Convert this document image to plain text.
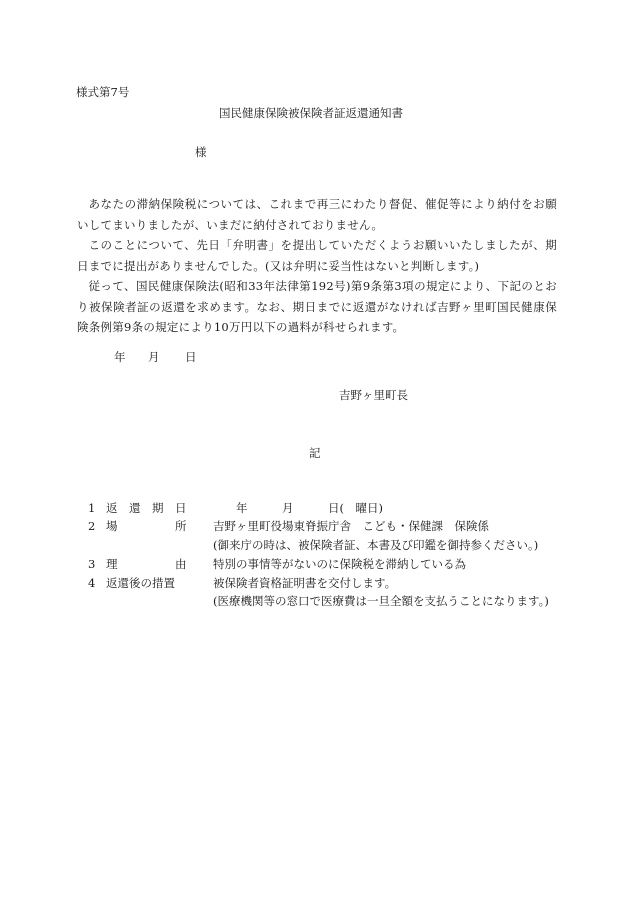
様式第7号
国民健康保険被保険者証返還通知書
様

あなたの滞納保険税については、これまで再三にわたり督促、催促等により納付をお願いしてまいりましたが、いまだに納付されておりません。

このことについて、先日「弁明書」を提出していただくようお願いいたしましたが、期日までに提出がありませんでした。(又は弁明に妥当性はないと判断します。)

従って、国民健康保険法(昭和33年法律第192号)第9条第3項の規定により、下記のとおり被保険者証の返還を求めます。なお、期日までに返還がなければ吉野ヶ里町国民健康保険条例第9条の規定により10万円以下の過料が科せられます。

年 月 日
吉野ヶ里町長
記
1 返　還　期　日	年　　　月　　　日(　曜日)
2 場　　　　　所 吉野ヶ里町役場東脊振庁舎　こども・保健課　保険係
(御来庁の時は、被保険者証、本書及び印鑑を御持参ください。)
3 理　　　　　由 特別の事情等がないのに保険税を滞納している為
4 返還後の措置	被保険者資格証明書を交付します。
(医療機関等の窓口で医療費は一旦全額を支払うことになります。)
